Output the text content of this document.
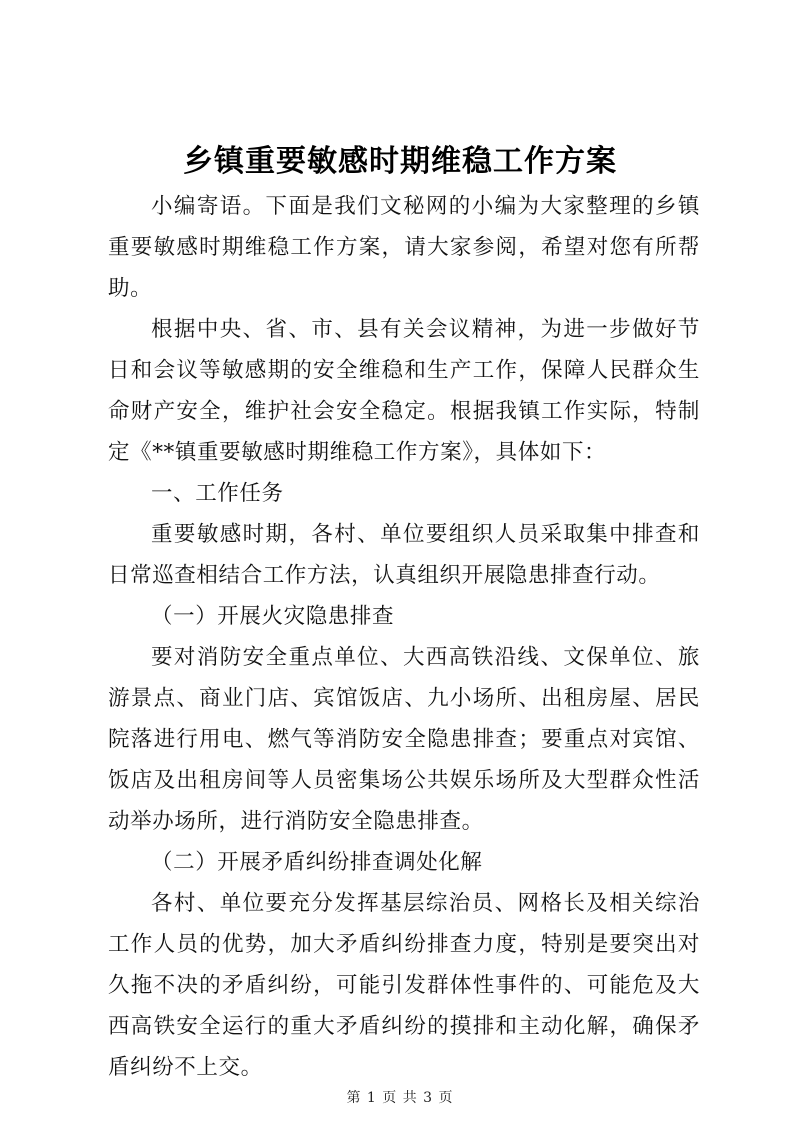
乡镇重要敏感时期维稳工作方案

小编寄语。下面是我们文秘网的小编为大家整理的乡镇重要敏感时期维稳工作方案，请大家参阅，希望对您有所帮助。

根据中央、省、市、县有关会议精神，为进一步做好节日和会议等敏感期的安全维稳和生产工作，保障人民群众生命财产安全，维护社会安全稳定。根据我镇工作实际，特制定《**镇重要敏感时期维稳工作方案》，具体如下：

一、工作任务

重要敏感时期，各村、单位要组织人员采取集中排查和日常巡查相结合工作方法，认真组织开展隐患排查行动。

（一）开展火灾隐患排查

要对消防安全重点单位、大西高铁沿线、文保单位、旅游景点、商业门店、宾馆饭店、九小场所、出租房屋、居民院落进行用电、燃气等消防安全隐患排查；要重点对宾馆、饭店及出租房间等人员密集场公共娱乐场所及大型群众性活动举办场所，进行消防安全隐患排查。

（二）开展矛盾纠纷排查调处化解

各村、单位要充分发挥基层综治员、网格长及相关综治工作人员的优势，加大矛盾纠纷排查力度，特别是要突出对久拖不决的矛盾纠纷，可能引发群体性事件的、可能危及大西高铁安全运行的重大矛盾纠纷的摸排和主动化解，确保矛盾纠纷不上交。

第 1 页 共 3 页
